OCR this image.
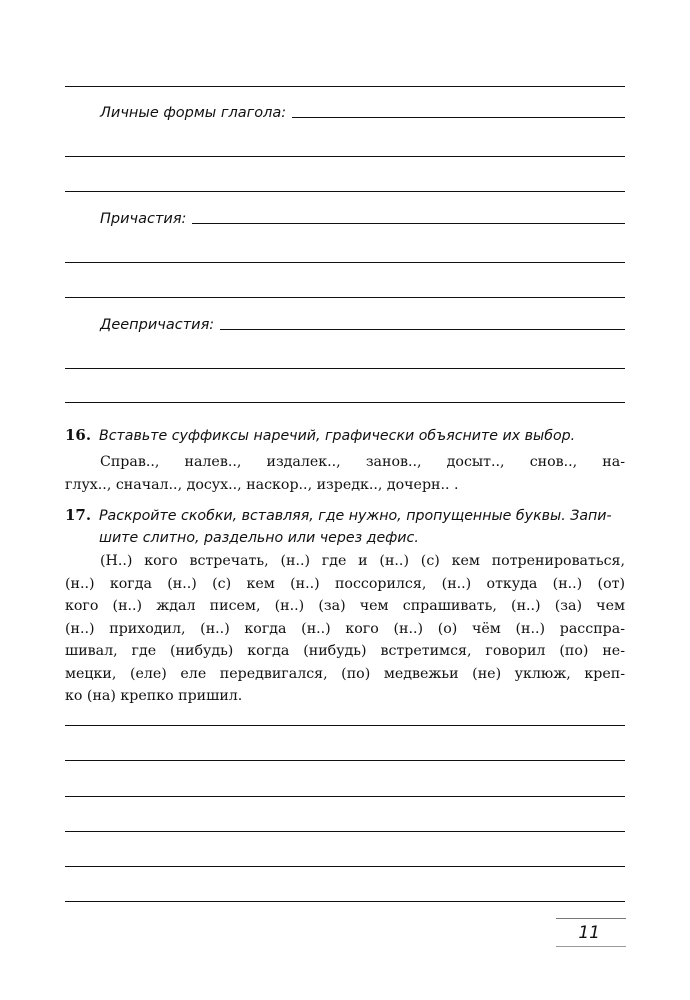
Личные формы глагола:
Причастия:
Деепричастия:
16. Вставьте суффиксы наречий, графически объясните их выбор.
Справ.., налев.., издалек.., занов.., досыт.., снов.., на-
глух.., сначал.., досух.., наскор.., изредк.., дочерн.. .
17. Раскройте скобки, вставляя, где нужно, пропущенные буквы. Запи-
шите слитно, раздельно или через дефис.
(Н..) кого встречать, (н..) где и (н..) (с) кем потренироваться,
(н..) когда (н..) (с) кем (н..) поссорился, (н..) откуда (н..) (от)
кого (н..) ждал писем, (н..) (за) чем спрашивать, (н..) (за) чем
(н..) приходил, (н..) когда (н..) кого (н..) (о) чём (н..) расспра-
шивал, где (нибудь) когда (нибудь) встретимся, говорил (по) не-
мецки, (еле) еле передвигался, (по) медвежьи (не) уклюж, креп-
ко (на) крепко пришил.
11
